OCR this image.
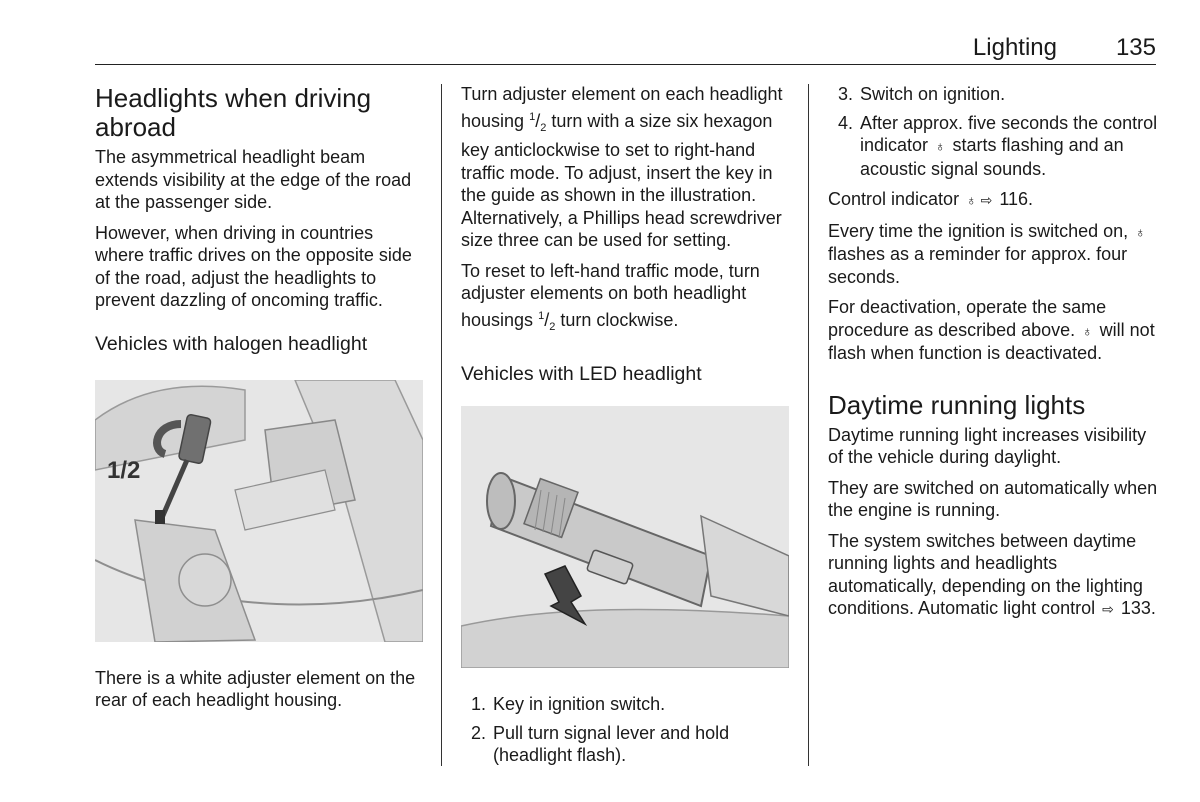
Lighting 135
Headlights when driving abroad

The asymmetrical headlight beam extends visibility at the edge of the road at the passenger side.

However, when driving in countries where traffic drives on the opposite side of the road, adjust the headlights to prevent dazzling of oncoming traffic.

Vehicles with halogen headlight
1/2

There is a white adjuster element on the rear of each headlight housing.

Turn adjuster element on each headlight housing $^1/_2$ turn with a size six hexagon key anticlockwise to set to right-hand traffic mode. To adjust, insert the key in the guide as shown in the illustration. Alternatively, a Phillips head screwdriver size three can be used for setting.

To reset to left-hand traffic mode, turn adjuster elements on both headlight housings $^1/_2$ turn clockwise.

Vehicles with LED headlight
1. Key in ignition switch.
2. Pull turn signal lever and hold (headlight flash).
3. Switch on ignition.
4. After approx. five seconds the control indicator ♁ starts flashing and an acoustic signal sounds.

Control indicator ♁ ⇨ 116.

Every time the ignition is switched on, ♁ flashes as a reminder for approx. four seconds.

For deactivation, operate the same procedure as described above. ♁ will not flash when function is deactivated.

Daytime running lights

Daytime running light increases visibility of the vehicle during daylight.

They are switched on automatically when the engine is running.

The system switches between daytime running lights and headlights automatically, depending on the lighting conditions. Automatic light control ⇨ 133.
